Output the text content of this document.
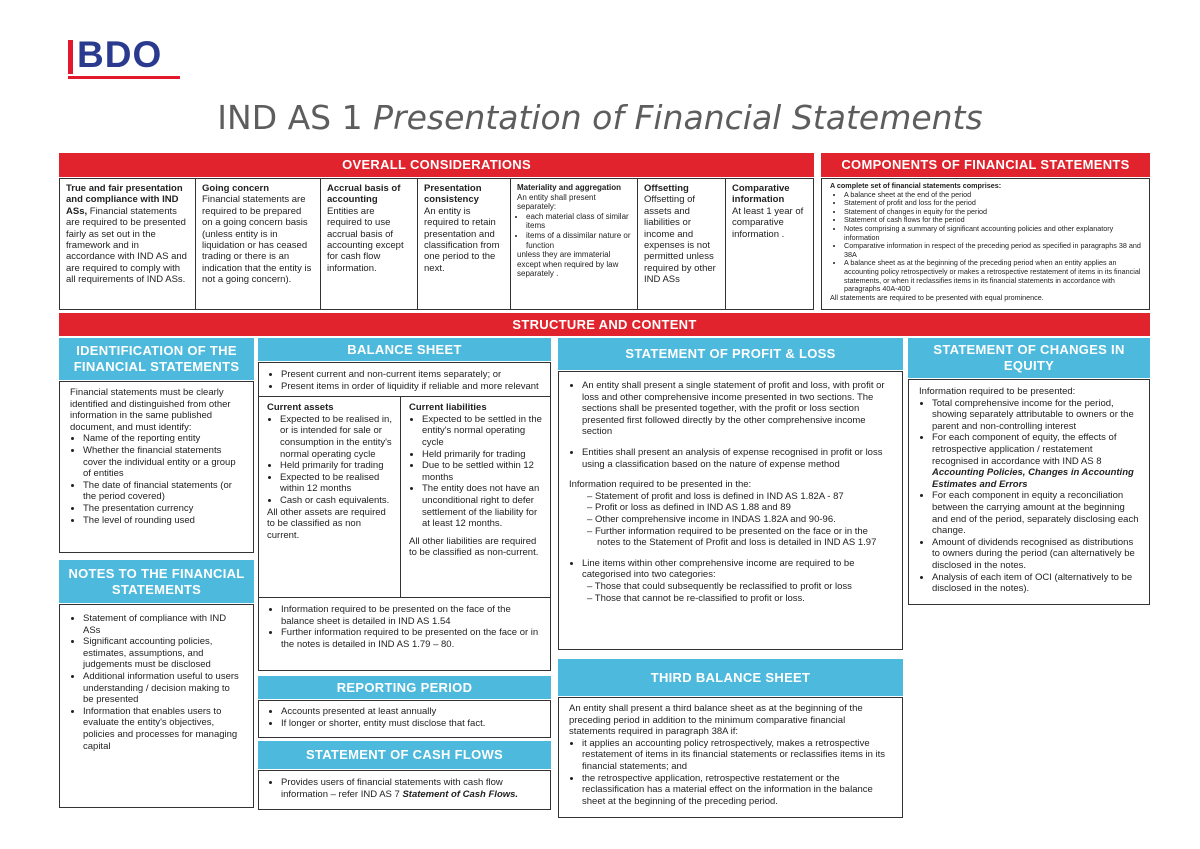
BDO
IND AS 1 Presentation of Financial Statements
OVERALL CONSIDERATIONS
True and fair presentation and compliance with IND ASs, Financial statements are required to be presented fairly as set out in the framework and in accordance with IND AS and are required to comply with all requirements of IND ASs.
Going concern
Financial statements are required to be prepared on a going concern basis (unless entity is in liquidation or has ceased trading or there is an indication that the entity is not a going concern).
Accrual basis of accounting
Entities are required to use accrual basis of accounting except for cash flow information.
Presentation consistency
An entity is required to retain presentation and classification from one period to the next.
Materiality and aggregation
An entity shall present separately:
• each material class of similar items
• items of a dissimilar nature or function
unless they are immaterial except when required by law separately .
Offsetting
Offsetting of assets and liabilities or income and expenses is not permitted unless required by other IND ASs
Comparative information
At least 1 year of comparative information .
COMPONENTS OF FINANCIAL STATEMENTS
A complete set of financial statements comprises:
• A balance sheet at the end of the period
• Statement of profit and loss for the period
• Statement of changes in equity for the period
• Statement of cash flows for the period
• Notes comprising a summary of significant accounting policies and other explanatory information
• Comparative information in respect of the preceding period as specified in paragraphs 38 and 38A
• A balance sheet as at the beginning of the preceding period when an entity applies an accounting policy retrospectively or makes a retrospective restatement of items in its financial statements, or when it reclassifies items in its financial statements in accordance with paragraphs 40A-40D
All statements are required to be presented with equal prominence.
STRUCTURE AND CONTENT
IDENTIFICATION OF THE FINANCIAL STATEMENTS
Financial statements must be clearly identified and distinguished from other information in the same published document, and must identify:
• Name of the reporting entity
• Whether the financial statements cover the individual entity or a group of entities
• The date of financial statements (or the period covered)
• The presentation currency
• The level of rounding used
NOTES TO THE FINANCIAL STATEMENTS
• Statement of compliance with IND ASs
• Significant accounting policies, estimates, assumptions, and judgements must be disclosed
• Additional information useful to users understanding / decision making to be presented
• Information that enables users to evaluate the entity's objectives, policies and processes for managing capital
BALANCE SHEET
• Present current and non-current items separately; or
• Present items in order of liquidity if reliable and more relevant
Current assets
• Expected to be realised in, or is intended for sale or consumption in the entity's normal operating cycle
• Held primarily for trading
• Expected to be realised within 12 months
• Cash or cash equivalents.
All other assets are required to be classified as non current.
Current liabilities
• Expected to be settled in the entity's normal operating cycle
• Held primarily for trading
• Due to be settled within 12 months
• The entity does not have an unconditional right to defer settlement of the liability for at least 12 months.
All other liabilities are required to be classified as non-current.
• Information required to be presented on the face of the balance sheet is detailed in IND AS 1.54
• Further information required to be presented on the face or in the notes is detailed in IND AS 1.79 – 80.
REPORTING PERIOD
• Accounts presented at least annually
• If longer or shorter, entity must disclose that fact.
STATEMENT OF CASH FLOWS
• Provides users of financial statements with cash flow information – refer IND AS 7 Statement of Cash Flows.
STATEMENT OF PROFIT & LOSS
• An entity shall present a single statement of profit and loss, with profit or loss and other comprehensive income presented in two sections. The sections shall be presented together, with the profit or loss section presented first followed directly by the other comprehensive income section
• Entities shall present an analysis of expense recognised in profit or loss using a classification based on the nature of expense method
Information required to be presented in the:
– Statement of profit and loss is defined in IND AS 1.82A - 87
– Profit or loss as defined in IND AS 1.88 and 89
– Other comprehensive income in INDAS 1.82A and 90-96.
– Further information required to be presented on the face or in the notes to the Statement of Profit and loss is detailed in IND AS 1.97
• Line items within other comprehensive income are required to be categorised into two categories:
– Those that could subsequently be reclassified to profit or loss
– Those that cannot be re-classified to profit or loss.
THIRD BALANCE SHEET
An entity shall present a third balance sheet as at the beginning of the preceding period in addition to the minimum comparative financial statements required in paragraph 38A if:
• it applies an accounting policy retrospectively, makes a retrospective restatement of items in its financial statements or reclassifies items in its financial statements; and
• the retrospective application, retrospective restatement or the reclassification has a material effect on the information in the balance sheet at the beginning of the preceding period.
STATEMENT OF CHANGES IN EQUITY
Information required to be presented:
• Total comprehensive income for the period, showing separately attributable to owners or the parent and non-controlling interest
• For each component of equity, the effects of retrospective application / restatement recognised in accordance with IND AS 8 Accounting Policies, Changes in Accounting Estimates and Errors
• For each component in equity a reconciliation between the carrying amount at the beginning and end of the period, separately disclosing each change.
• Amount of dividends recognised as distributions to owners during the period (can alternatively be disclosed in the notes.
• Analysis of each item of OCI (alternatively to be disclosed in the notes).
